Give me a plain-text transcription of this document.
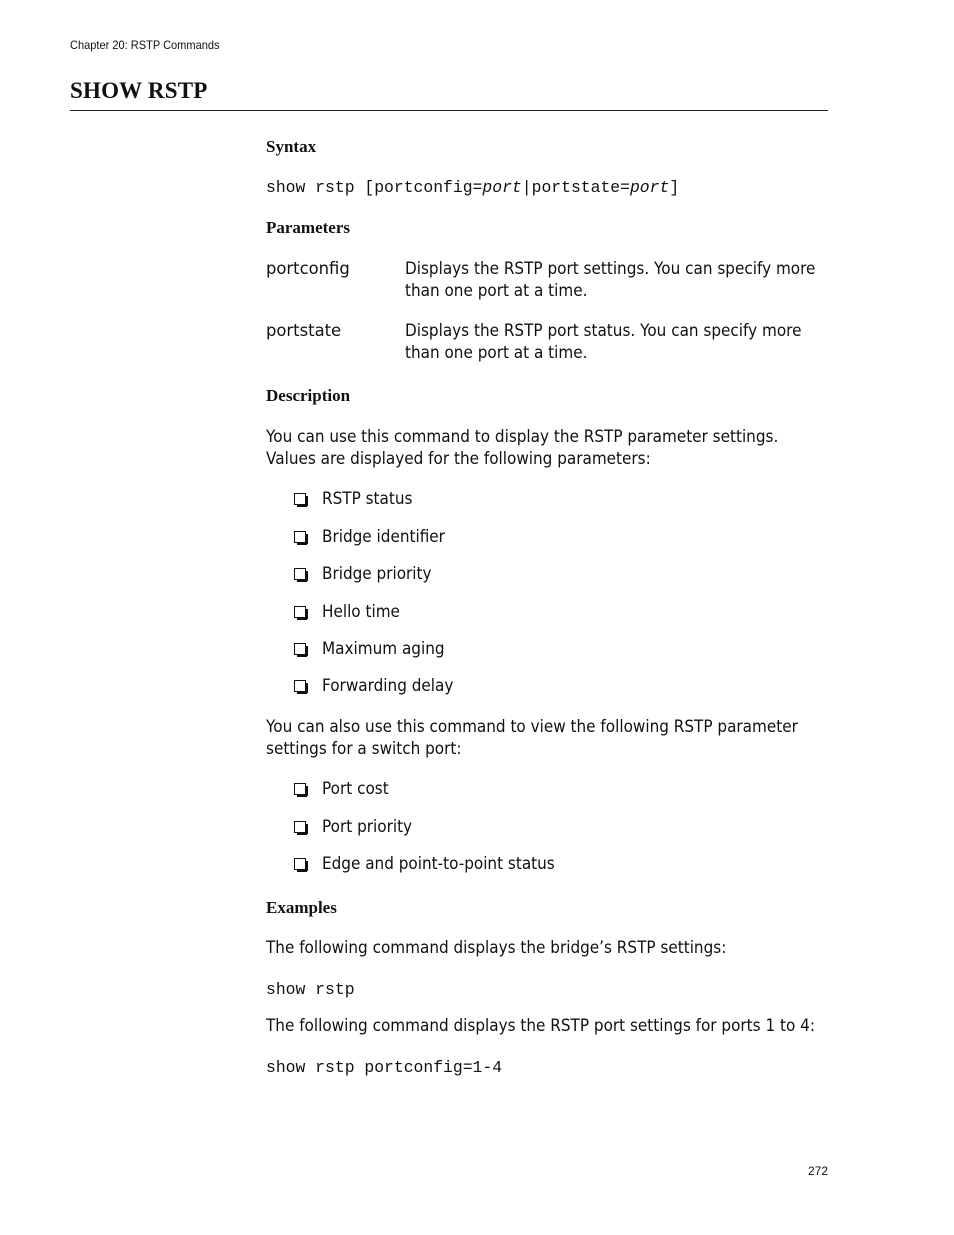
Chapter 20: RSTP Commands
SHOW RSTP
Syntax
show rstp [portconfig=port|portstate=port]
Parameters
portconfig	Displays the RSTP port settings. You can specify more
than one port at a time.
portstate	Displays the RSTP port status. You can specify more
than one port at a time.
Description
You can use this command to display the RSTP parameter settings.
Values are displayed for the following parameters:
RSTP status
Bridge identifier
Bridge priority
Hello time
Maximum aging
Forwarding delay
You can also use this command to view the following RSTP parameter
settings for a switch port:
Port cost
Port priority
Edge and point-to-point status
Examples
The following command displays the bridge’s RSTP settings:
show rstp
The following command displays the RSTP port settings for ports 1 to 4:
show rstp portconfig=1-4
272
